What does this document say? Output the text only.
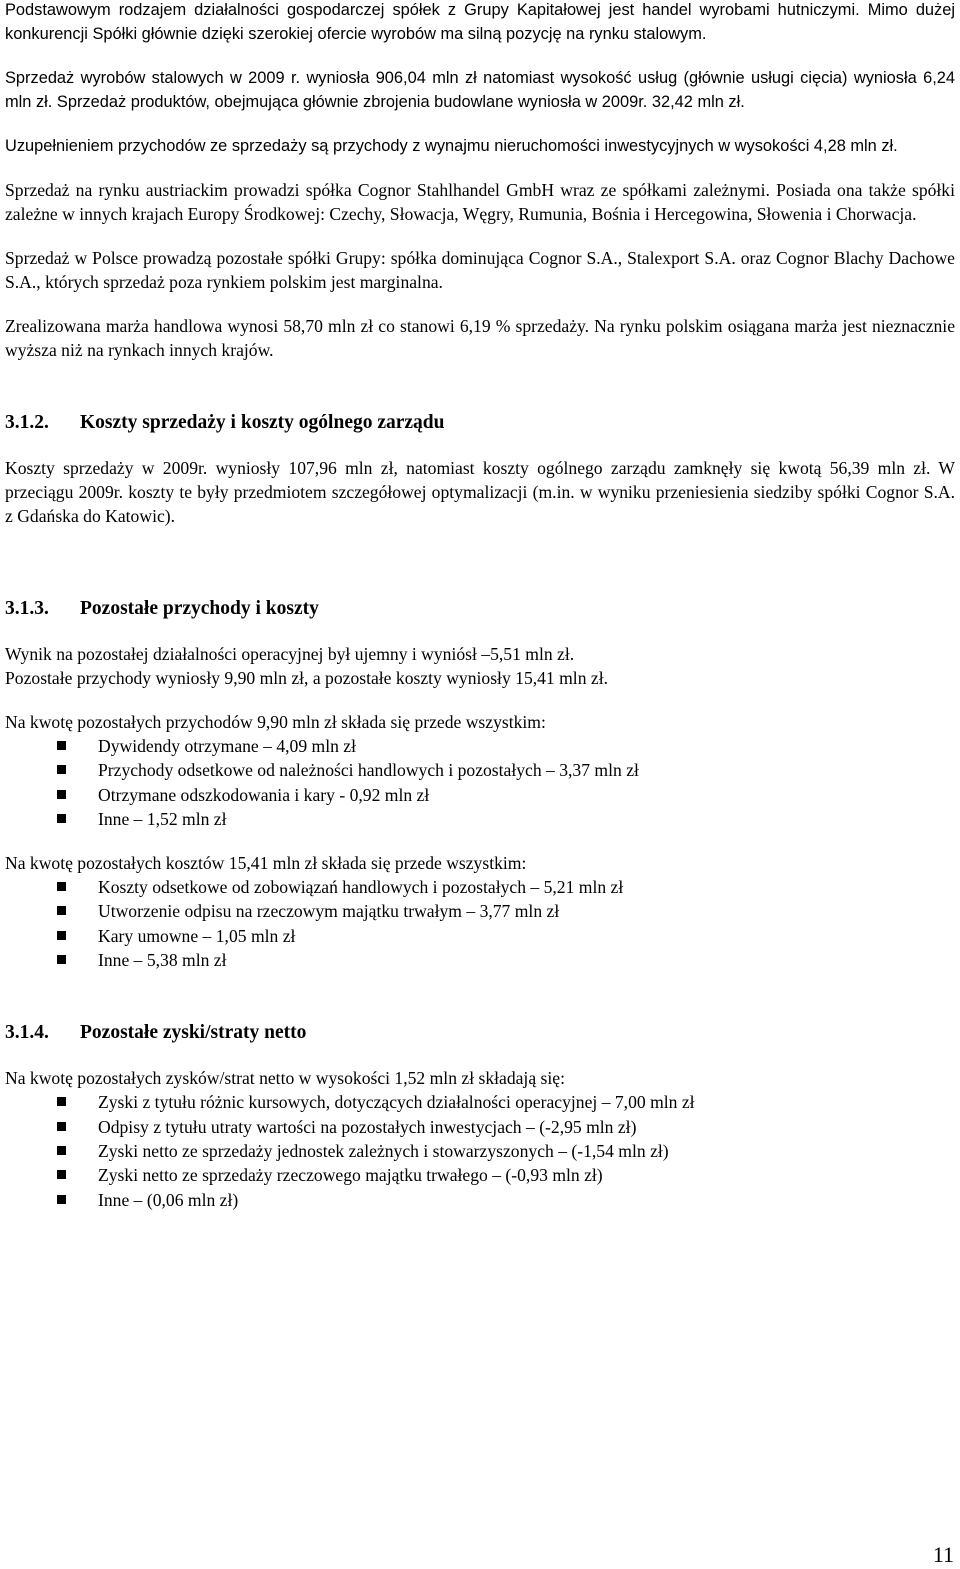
Podstawowym rodzajem działalności gospodarczej spółek z Grupy Kapitałowej jest handel wyrobami hutniczymi. Mimo dużej konkurencji Spółki głównie dzięki szerokiej ofercie wyrobów ma silną pozycję na rynku stalowym.

Sprzedaż wyrobów stalowych w 2009 r. wyniosła 906,04 mln zł natomiast wysokość usług (głównie usługi cięcia) wyniosła 6,24 mln zł. Sprzedaż produktów, obejmująca głównie zbrojenia budowlane wyniosła w 2009r. 32,42 mln zł.

Uzupełnieniem przychodów ze sprzedaży są przychody z wynajmu nieruchomości inwestycyjnych w wysokości 4,28 mln zł.

Sprzedaż na rynku austriackim prowadzi spółka Cognor Stahlhandel GmbH wraz ze spółkami zależnymi. Posiada ona także spółki zależne w innych krajach Europy Środkowej: Czechy, Słowacja, Węgry, Rumunia, Bośnia i Hercegowina, Słowenia i Chorwacja.

Sprzedaż w Polsce prowadzą pozostałe spółki Grupy: spółka dominująca Cognor S.A., Stalexport S.A. oraz Cognor Blachy Dachowe S.A., których sprzedaż poza rynkiem polskim jest marginalna.

Zrealizowana marża handlowa wynosi 58,70 mln zł co stanowi 6,19 % sprzedaży. Na rynku polskim osiągana marża jest nieznacznie wyższa niż na rynkach innych krajów.

3.1.2.	Koszty sprzedaży i koszty ogólnego zarządu

Koszty sprzedaży w 2009r. wyniosły 107,96 mln zł, natomiast koszty ogólnego zarządu zamknęły się kwotą 56,39 mln zł. W przeciągu 2009r. koszty te były przedmiotem szczegółowej optymalizacji (m.in. w wyniku przeniesienia siedziby spółki Cognor S.A. z Gdańska do Katowic).

3.1.3.	Pozostałe przychody i koszty

Wynik na pozostałej działalności operacyjnej był ujemny i wyniósł –5,51 mln zł.

Pozostałe przychody wyniosły 9,90 mln zł, a pozostałe koszty wyniosły 15,41 mln zł.

Na kwotę pozostałych przychodów 9,90 mln zł składa się przede wszystkim:

Dywidendy otrzymane – 4,09 mln zł
Przychody odsetkowe od należności handlowych i pozostałych – 3,37 mln zł
Otrzymane odszkodowania i kary - 0,92 mln zł
Inne – 1,52 mln zł

Na kwotę pozostałych kosztów 15,41 mln zł składa się przede wszystkim:

Koszty odsetkowe od zobowiązań handlowych i pozostałych – 5,21 mln zł
Utworzenie odpisu na rzeczowym majątku trwałym – 3,77 mln zł
Kary umowne – 1,05 mln zł
Inne – 5,38 mln zł
3.1.4.	Pozostałe zyski/straty netto

Na kwotę pozostałych zysków/strat netto w wysokości 1,52 mln zł składają się:

Zyski z tytułu różnic kursowych, dotyczących działalności operacyjnej – 7,00 mln zł
Odpisy z tytułu utraty wartości na pozostałych inwestycjach – (-2,95 mln zł)
Zyski netto ze sprzedaży jednostek zależnych i stowarzyszonych – (-1,54 mln zł)
Zyski netto ze sprzedaży rzeczowego majątku trwałego – (-0,93 mln zł)
Inne – (0,06 mln zł)
11
